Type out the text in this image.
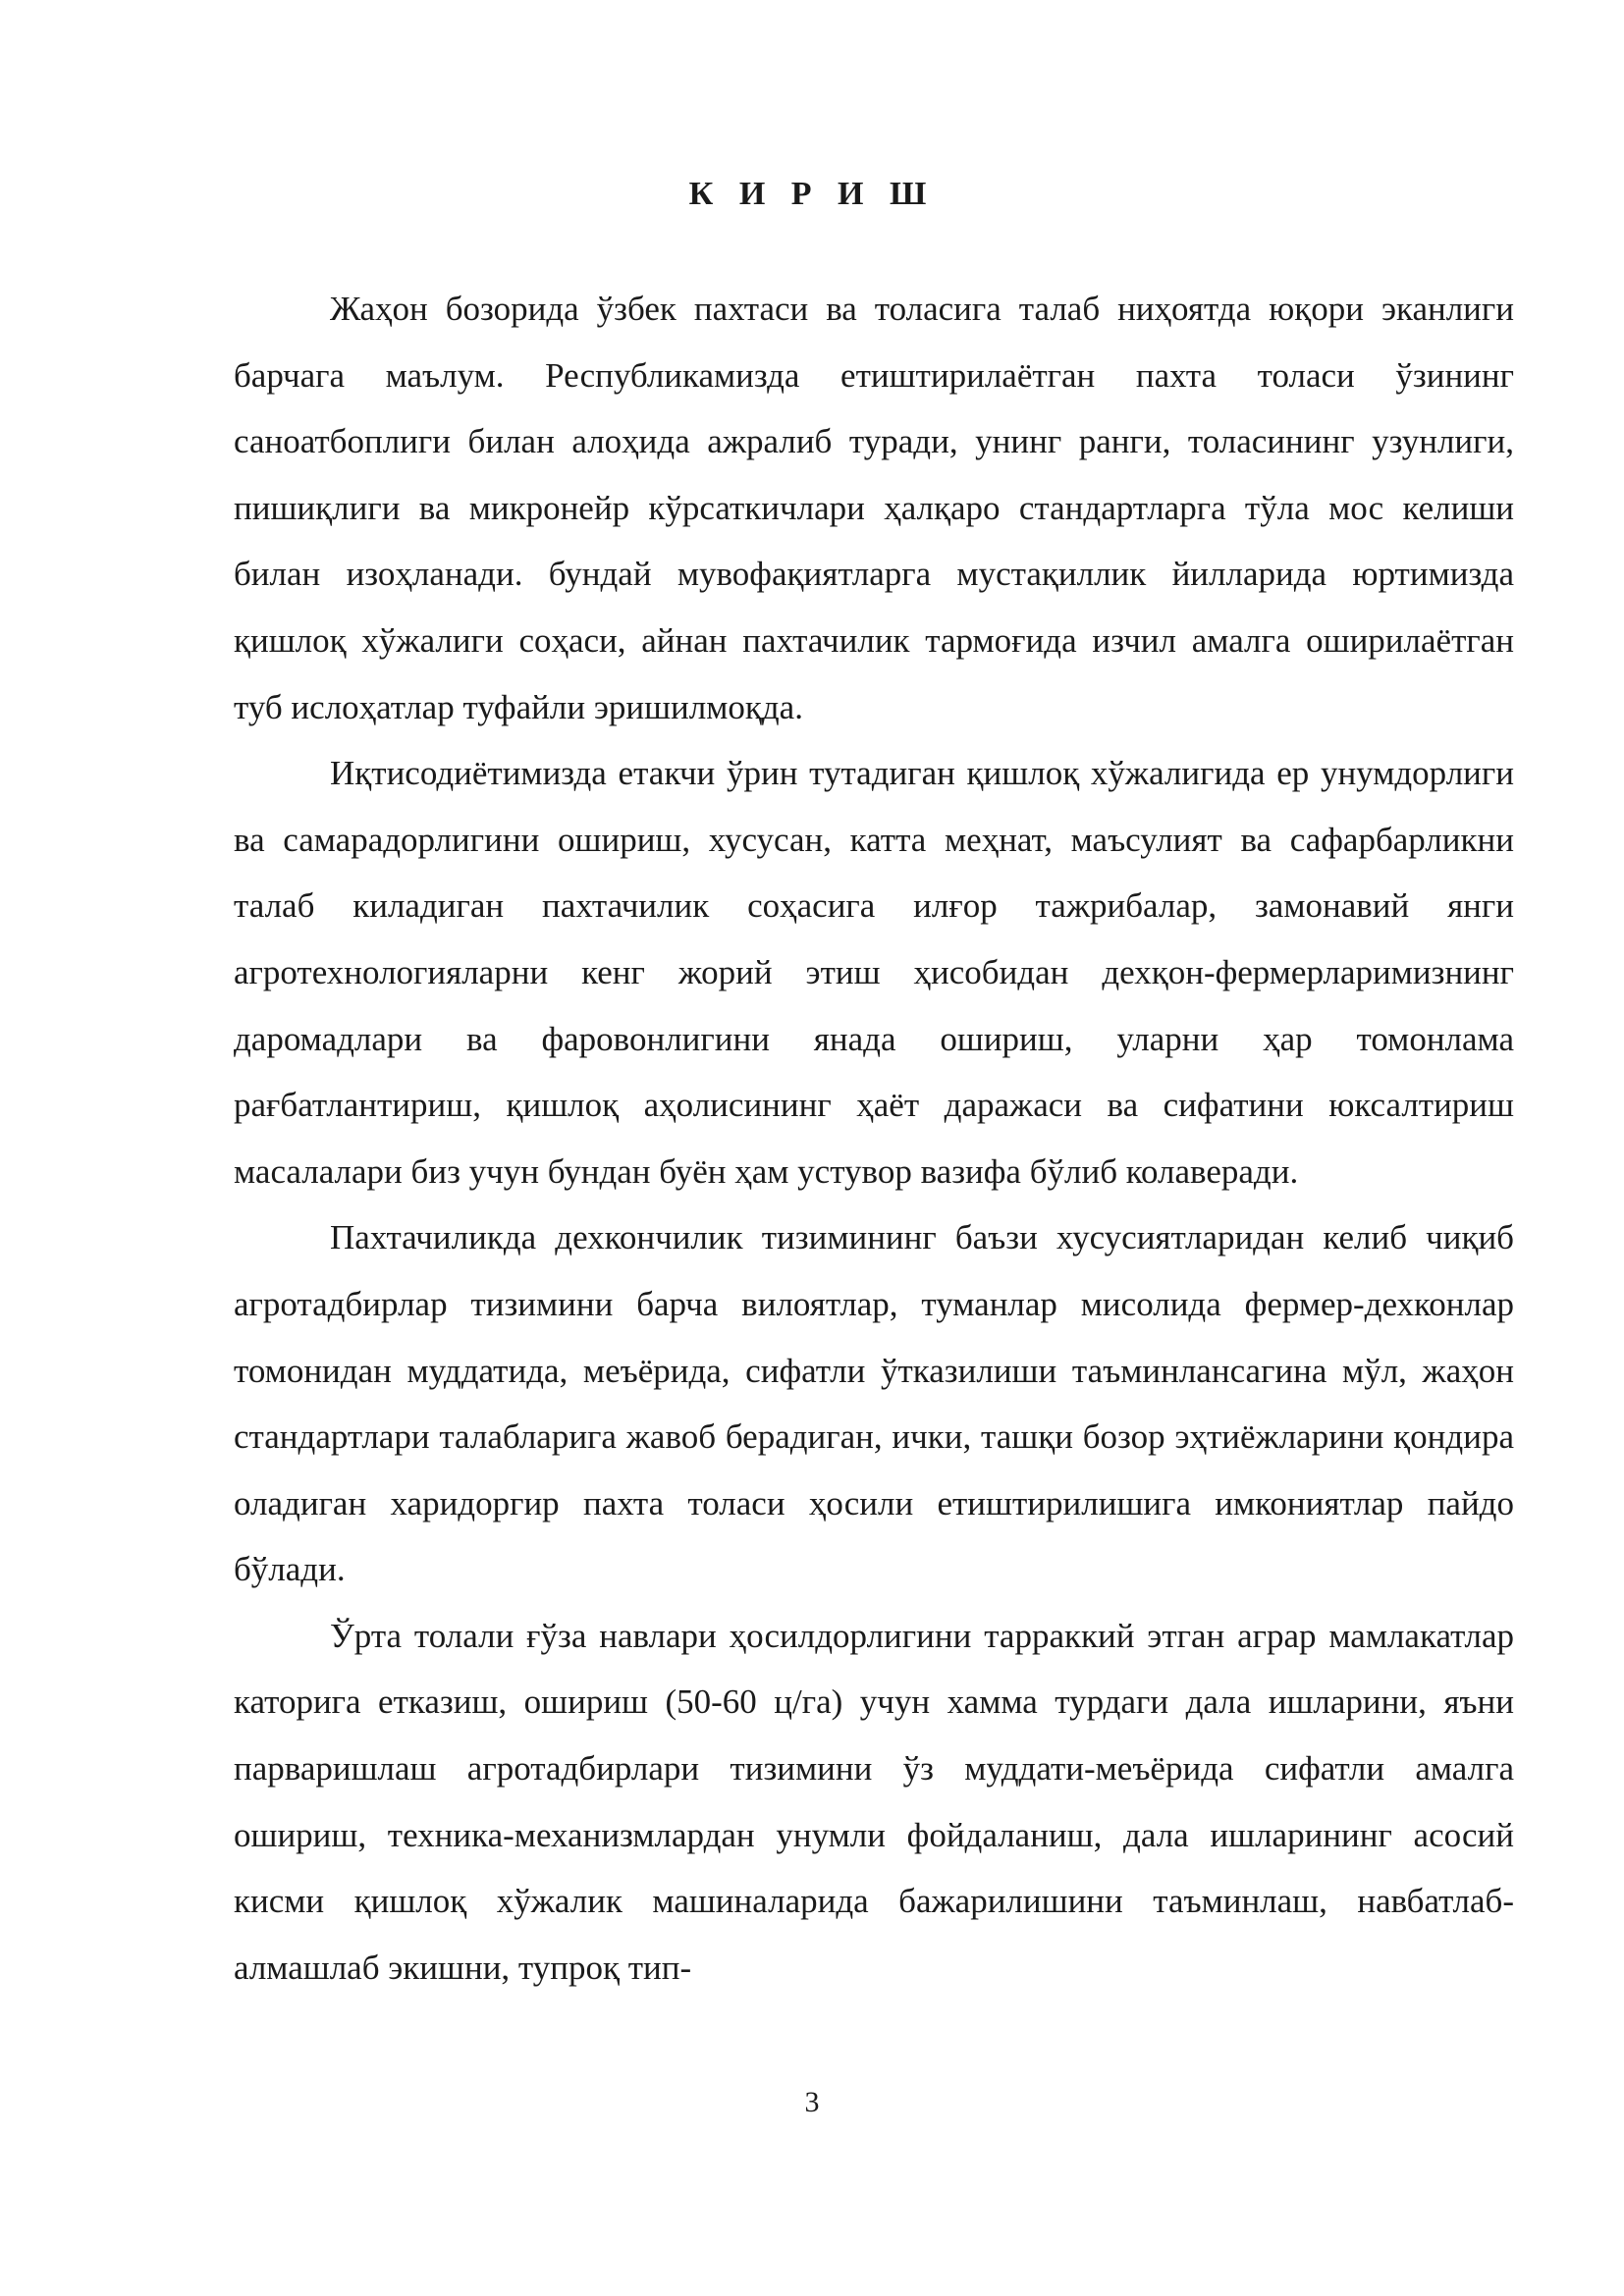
К И Р И Ш

Жаҳон бозорида ўзбек пахтаси ва толасига талаб ниҳоятда юқори эканлиги барчага маълум. Республикамизда етиштирилаётган пахта толаси ўзининг саноатбоплиги билан алоҳида ажралиб туради, унинг ранги, толасининг узунлиги, пишиқлиги ва микронейр кўрсаткичлари ҳалқаро стандартларга тўла мос келиши билан изоҳланади. бундай мувофақиятларга мустақиллик йилларида юртимизда қишлоқ хўжалиги соҳаси, айнан пахтачилик тармоғида изчил амалга оширилаётган туб ислоҳатлар туфайли эришилмоқда.

Иқтисодиётимизда етакчи ўрин тутадиган қишлоқ хўжалигида ер унумдорлиги ва самарадорлигини ошириш, хусусан, катта меҳнат, маъсулият ва сафарбарликни талаб киладиган пахтачилик соҳасига илғор тажрибалар, замонавий янги агротехнологияларни кенг жорий этиш ҳисобидан дехқон-фермерларимизнинг даромадлари ва фаровонлигини янада ошириш, уларни ҳар томонлама рағбатлантириш, қишлоқ аҳолисининг ҳаёт даражаси ва сифатини юксалтириш масалалари биз учун бундан буён ҳам устувор вазифа бўлиб колаверади.

Пахтачиликда дехкончилик тизимининг баъзи хусусиятларидан келиб чиқиб агротадбирлар тизимини барча вилоятлар, туманлар мисолида фермер-дехконлар томонидан муддатида, меъёрида, сифатли ўтказилиши таъминлансагина мўл, жаҳон стандартлари талабларига жавоб берадиган, ички, ташқи бозор эҳтиёжларини қондира оладиган харидоргир пахта толаси ҳосили етиштирилишига имкониятлар пайдо бўлади.

Ўрта толали ғўза навлари ҳосилдорлигини тарраккий этган аграр мамлакатлар каторига етказиш, ошириш (50-60 ц/га) учун хамма турдаги дала ишларини, яъни парваришлаш агротадбирлари тизимини ўз муддати-меъёрида сифатли амалга ошириш, техника-механизмлардан унумли фойдаланиш, дала ишларининг асосий кисми қишлоқ хўжалик машиналарида бажарилишини таъминлаш, навбатлаб-алмашлаб экишни, тупроқ тип-

3
